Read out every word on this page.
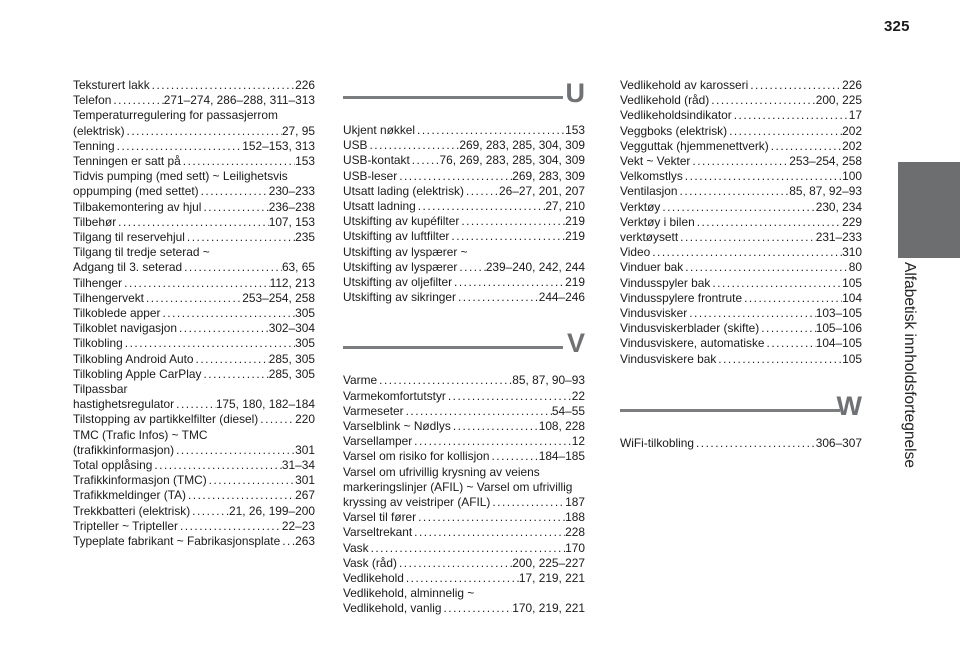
325
Alfabetisk innholdsfortegnelse
Teksturert lakk . . .	226
Telefon . . .	271–274, 286–288, 311–313
Temperaturregulering for passasjerrom
(elektrisk) . . .	27, 95
Tenning . . .	152–153, 313
Tenningen er satt på . . .	153
Tidvis pumping (med sett) ~ Leilighetsvis
oppumping (med settet) . . .	230–233
Tilbakemontering av hjul . . .	236–238
Tilbehør . . .	107, 153
Tilgang til reservehjul . . .	235
Tilgang til tredje seterad ~
Adgang til 3. seterad . . .	63, 65
Tilhenger . . .	112, 213
Tilhengervekt . . .	253–254, 258
Tilkoblede apper . . .	305
Tilkoblet navigasjon . . .	302–304
Tilkobling . . .	305
Tilkobling Android Auto . . .	285, 305
Tilkobling Apple CarPlay . . .	285, 305
Tilpassbar
hastighetsregulator . . .	175, 180, 182–184
Tilstopping av partikkelfilter (diesel) . . .	220
TMC (Trafic Infos) ~ TMC
(trafikkinformasjon) . . .	301
Total opplåsing . . .	31–34
Trafikkinformasjon (TMC) . . .	301
Trafikkmeldinger (TA) . . .	267
Trekkbatteri (elektrisk) . . .	21, 26, 199–200
Tripteller ~ Tripteller . . .	22–23
Typeplate fabrikant ~ Fabrikasjonsplate . . . 263
U
Ukjent nøkkel . . .	153
USB . . .	269, 283, 285, 304, 309
USB-kontakt . . .	76, 269, 283, 285, 304, 309
USB-leser . . .	269, 283, 309
Utsatt lading (elektrisk) . . .	26–27, 201, 207
Utsatt ladning . . .	27, 210
Utskifting av kupéfilter . . .	219
Utskifting av luftfilter . . .	219
Utskifting av lyspærer ~
Utskifting av lyspærer . . . 239–240, 242, 244
Utskifting av oljefilter . . .	219
Utskifting av sikringer . . .	244–246
V
Varme . . .	85, 87, 90–93
Varmekomfortutstyr . . .	22
Varmeseter . . .	54–55
Varselblink ~ Nødlys . . .	108, 228
Varsellamper . . .	12
Varsel om risiko for kollisjon . . .	184–185
Varsel om ufrivillig krysning av veiens
markeringslinjer (AFIL) ~ Varsel om ufrivillig
kryssing av veistriper (AFIL) . . .	187
Varsel til fører . . .	188
Varseltrekant . . .	228
Vask . . .	170
Vask (råd) . . .	200, 225–227
Vedlikehold . . .	17, 219, 221
Vedlikehold, alminnelig ~
Vedlikehold, vanlig . . .	170, 219, 221
Vedlikehold av karosseri . . .	226
Vedlikehold (råd) . . .	200, 225
Vedlikeholdsindikator . . .	17
Veggboks (elektrisk) . . .	202
Vegguttak (hjemmenettverk) . . .	202
Vekt ~ Vekter . . .	253–254, 258
Velkomstlys . . .	100
Ventilasjon . . .	85, 87, 92–93
Verktøy . . .	230, 234
Verktøy i bilen . . .	229
verktøysett . . .	231–233
Video . . .	310
Vinduer bak . . .	80
Vindusspyler bak . . .	105
Vindusspylere frontrute . . .	104
Vindusvisker . . .	103–105
Vindusviskerblader (skifte) . . .	105–106
Vindusviskere, automatiske . . .	104–105
Vindusviskere bak . . .	105
W
WiFi-tilkobling . . .	306–307
